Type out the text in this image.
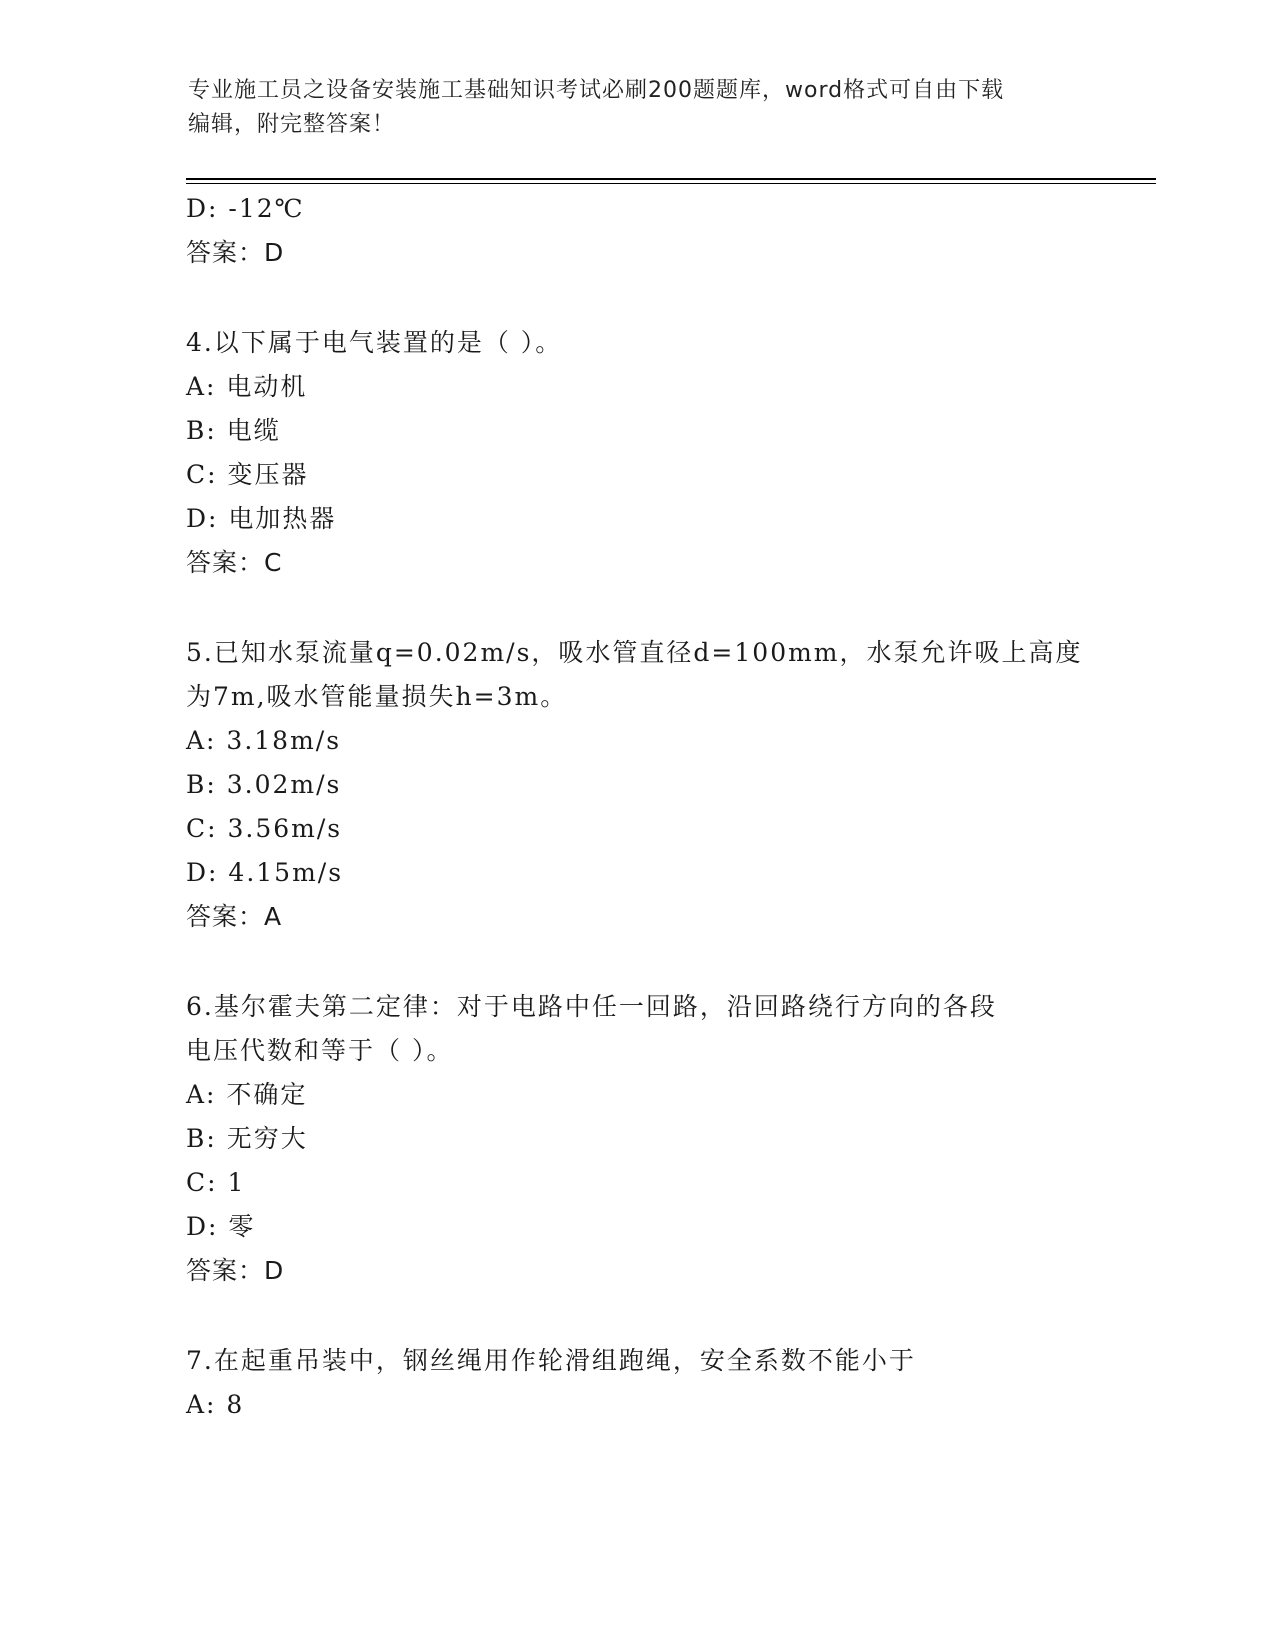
专业施工员之设备安装施工基础知识考试必刷200题题库，word格式可自由下载
编辑，附完整答案！
D: -12℃
答案：D
4.以下属于电气装置的是（ ）。
A: 电动机
B: 电缆
C: 变压器
D: 电加热器
答案：C
5.已知水泵流量q=0.02m/s，吸水管直径d=100mm，水泵允许吸上高度
为7m,吸水管能量损失h=3m。
A: 3.18m/s
B: 3.02m/s
C: 3.56m/s
D: 4.15m/s
答案：A
6.基尔霍夫第二定律：对于电路中任一回路，沿回路绕行方向的各段
电压代数和等于（ ）。
A: 不确定
B: 无穷大
C: 1
D: 零
答案：D
7.在起重吊装中，钢丝绳用作轮滑组跑绳，安全系数不能小于
A: 8
